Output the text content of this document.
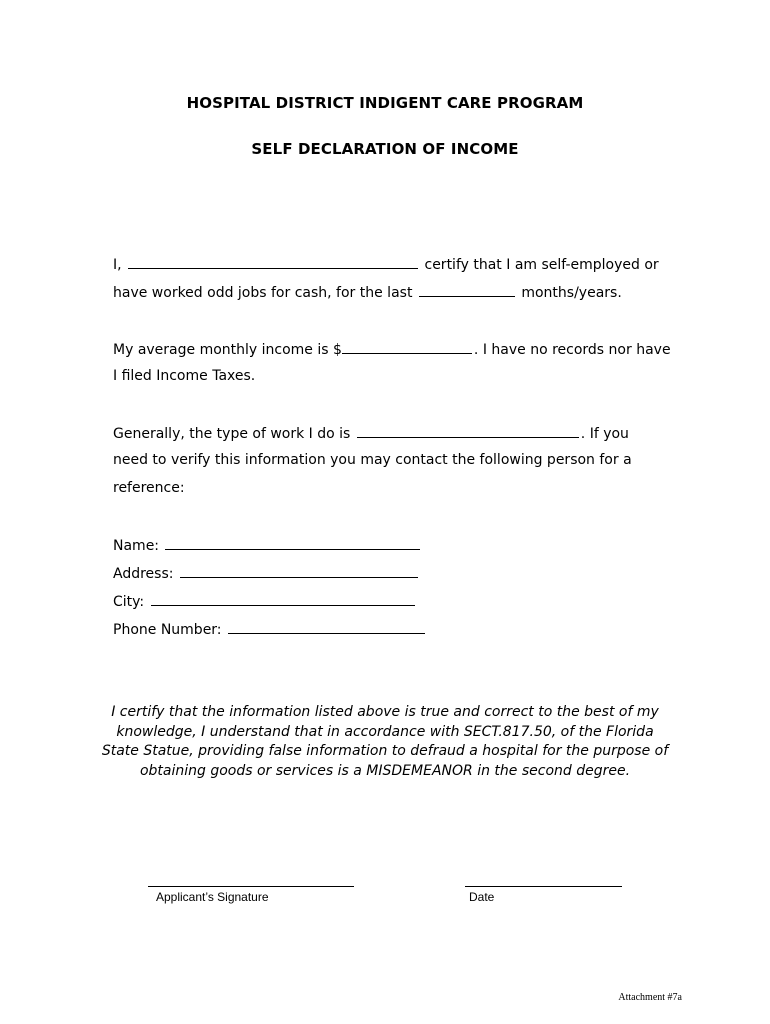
HOSPITAL DISTRICT INDIGENT CARE PROGRAM
SELF DECLARATION OF INCOME
I,	certify that I am self-employed or
have worked odd jobs for cash, for the last	months/years.
My average monthly income is $	. I have no records nor have
I filed Income Taxes.
Generally, the type of work I do is	. If you
need to verify this information you may contact the following person for a
reference:
Name:
Address:
City:
Phone Number:
I certify that the information listed above is true and correct to the best of my
knowledge, I understand that in accordance with SECT.817.50, of the Florida
State Statue, providing false information to defraud a hospital for the purpose of
obtaining goods or services is a MISDEMEANOR in the second degree.
Applicant’s Signature	Date
Attachment #7a
